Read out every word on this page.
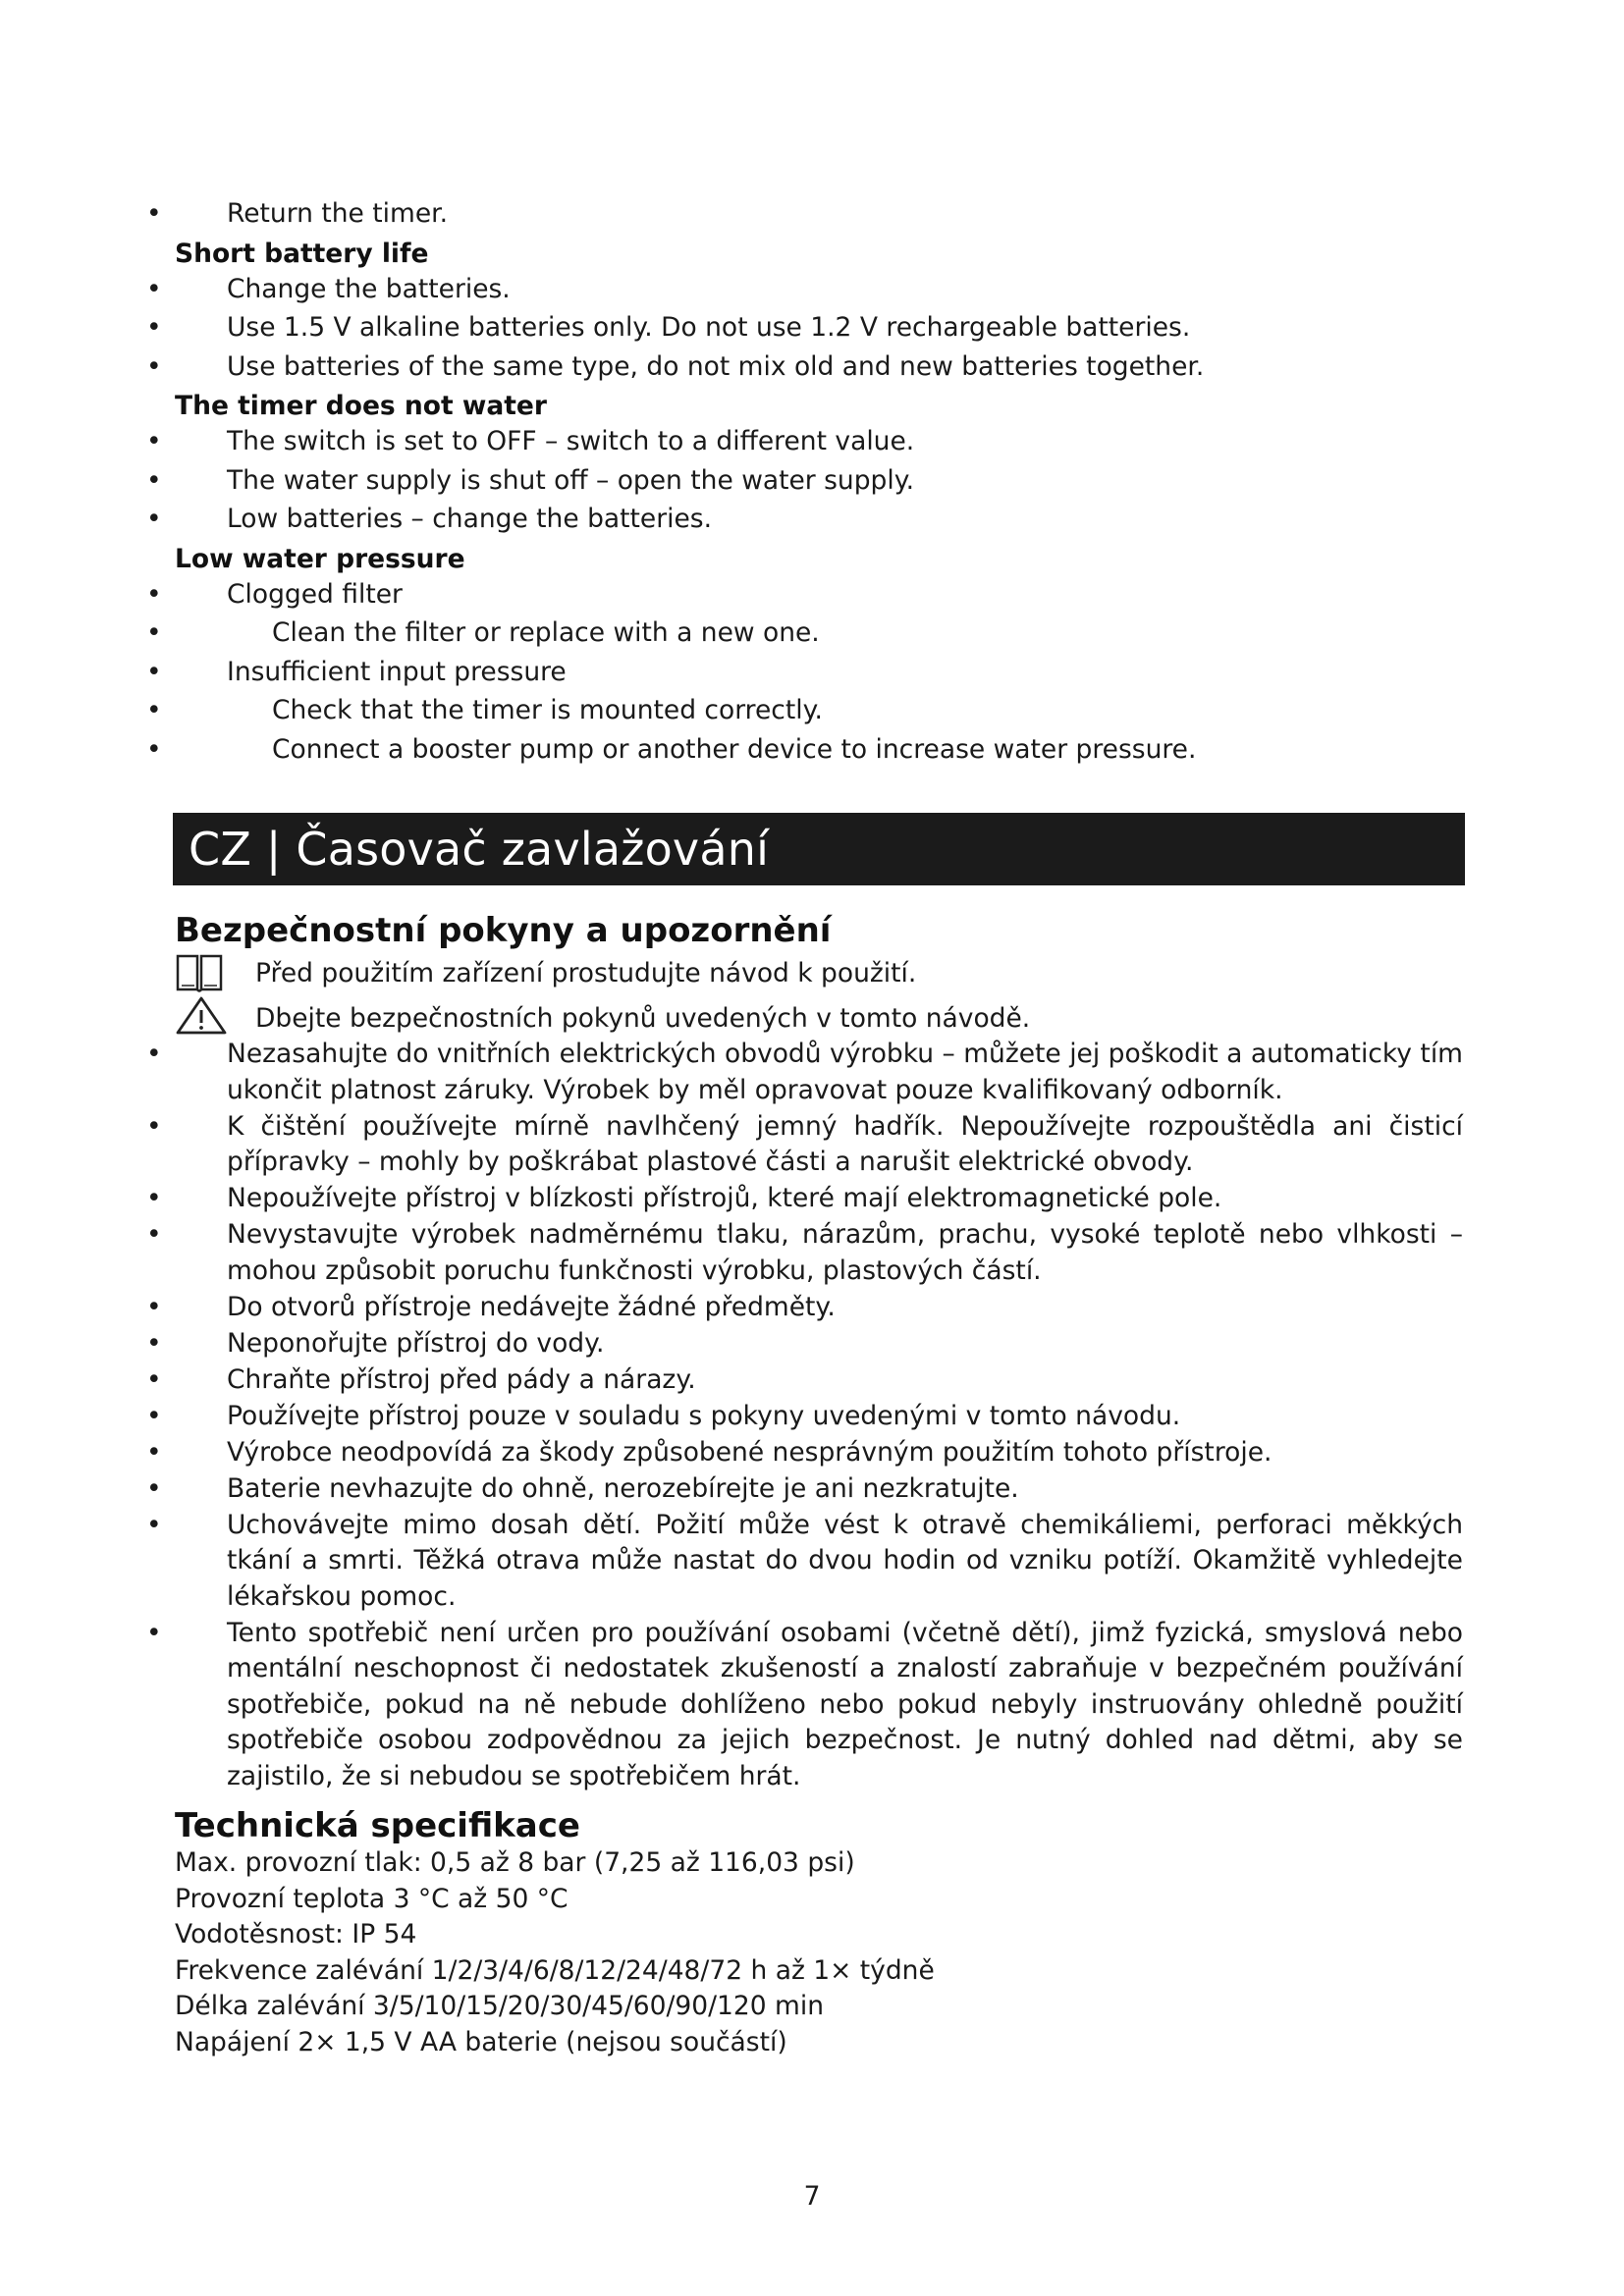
• Return the timer.
Short battery life
• Change the batteries.
• Use 1.5 V alkaline batteries only. Do not use 1.2 V rechargeable batteries.
• Use batteries of the same type, do not mix old and new batteries together.
The timer does not water
• The switch is set to OFF – switch to a different value.
• The water supply is shut off – open the water supply.
• Low batteries – change the batteries.
Low water pressure
• Clogged filter
• Clean the filter or replace with a new one.
• Insufficient input pressure
• Check that the timer is mounted correctly.
• Connect a booster pump or another device to increase water pressure.
CZ | Časovač zavlažování
Bezpečnostní pokyny a upozornění
Před použitím zařízení prostudujte návod k použití.
Dbejte bezpečnostních pokynů uvedených v tomto návodě.
• Nezasahujte do vnitřních elektrických obvodů výrobku – můžete jej poškodit a automaticky tím ukončit platnost záruky. Výrobek by měl opravovat pouze kvalifikovaný odborník.
• K čištění používejte mírně navlhčený jemný hadřík. Nepoužívejte rozpouštědla ani čisticí přípravky – mohly by poškrábat plastové části a narušit elektrické obvody.
• Nepoužívejte přístroj v blízkosti přístrojů, které mají elektromagnetické pole.
• Nevystavujte výrobek nadměrnému tlaku, nárazům, prachu, vysoké teplotě nebo vlhkosti – mohou způsobit poruchu funkčnosti výrobku, plastových částí.
• Do otvorů přístroje nedávejte žádné předměty.
• Neponořujte přístroj do vody.
• Chraňte přístroj před pády a nárazy.
• Používejte přístroj pouze v souladu s pokyny uvedenými v tomto návodu.
• Výrobce neodpovídá za škody způsobené nesprávným použitím tohoto přístroje.
• Baterie nevhazujte do ohně, nerozebírejte je ani nezkratujte.
• Uchovávejte mimo dosah dětí. Požití může vést k otravě chemikáliemi, perforaci měkkých tkání a smrti. Těžká otrava může nastat do dvou hodin od vzniku potíží. Okamžitě vyhledejte lékařskou pomoc.
• Tento spotřebič není určen pro používání osobami (včetně dětí), jimž fyzická, smyslová nebo mentální neschopnost či nedostatek zkušeností a znalostí zabraňuje v bezpečném používání spotřebiče, pokud na ně nebude dohlíženo nebo pokud nebyly instruovány ohledně použití spotřebiče osobou zodpovědnou za jejich bezpečnost. Je nutný dohled nad dětmi, aby se zajistilo, že si nebudou se spotřebičem hrát.
Technická specifikace

Max. provozní tlak: 0,5 až 8 bar (7,25 až 116,03 psi)

Provozní teplota 3 °C až 50 °C

Vodotěsnost: IP 54

Frekvence zalévání 1/2/3/4/6/8/12/24/48/72 h až 1× týdně

Délka zalévání 3/5/10/15/20/30/45/60/90/120 min

Napájení 2× 1,5 V AA baterie (nejsou součástí)

7
